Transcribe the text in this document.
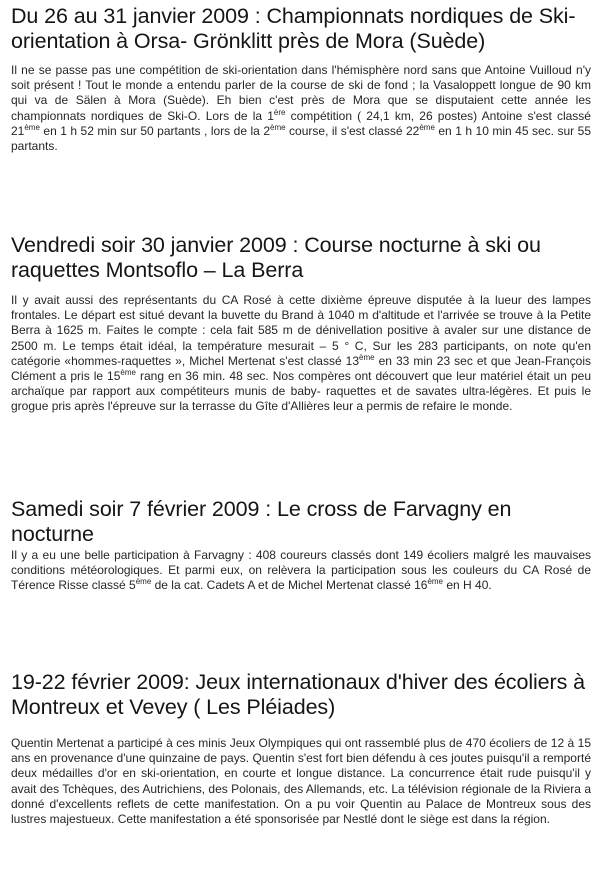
Du 26 au 31 janvier 2009 : Championnats nordiques de Ski-orientation à Orsa- Grönklitt près de Mora (Suède)

Il ne se passe pas une compétition de ski-orientation dans l'hémisphère nord sans que Antoine Vuilloud n'y soit présent ! Tout le monde a entendu parler de la course de ski de fond ; la Vasaloppett longue de 90 km qui va de Sälen à Mora (Suède). Eh bien c'est près de Mora que se disputaient cette année les championnats nordiques de Ski-O. Lors de la 1ère compétition ( 24,1 km, 26 postes) Antoine s'est classé 21ème en 1 h 52 min sur 50 partants , lors de la 2ème course, il s'est classé 22ème en 1 h 10 min 45 sec. sur 55 partants.

Vendredi soir 30 janvier 2009 : Course nocturne à ski ou raquettes Montsoflo – La Berra

Il y avait aussi des représentants du CA Rosé à cette dixième épreuve disputée à la lueur des lampes frontales. Le départ est situé devant la buvette du Brand à 1040 m d'altitude et l'arrivée se trouve à la Petite Berra à 1625 m. Faites le compte : cela fait 585 m de dénivellation positive à avaler sur une distance de 2500 m. Le temps était idéal, la température mesurait – 5 ° C, Sur les 283 participants, on note qu'en catégorie «hommes-raquettes », Michel Mertenat s'est classé 13ème en 33 min 23 sec et que Jean-François Clément a pris le 15ème rang en 36 min. 48 sec. Nos compères ont découvert que leur matériel était un peu archaïque par rapport aux compétiteurs munis de baby- raquettes et de savates ultra-légères. Et puis le grogue pris après l'épreuve sur la terrasse du Gîte d'Allières leur a permis de refaire le monde.

Samedi soir 7 février 2009 : Le cross de Farvagny en nocturne

Il y a eu une belle participation à Farvagny : 408 coureurs classés dont 149 écoliers malgré les mauvaises conditions météorologiques. Et parmi eux, on relèvera la participation sous les couleurs du CA Rosé de Térence Risse classé 5ème de la cat. Cadets A et de Michel Mertenat classé 16ème en H 40.

19-22 février 2009: Jeux internationaux d'hiver des écoliers à Montreux et Vevey ( Les Pléiades)

Quentin Mertenat a participé à ces minis Jeux Olympiques qui ont rassemblé plus de 470 écoliers de 12 à 15 ans en provenance d'une quinzaine de pays. Quentin s'est fort bien défendu à ces joutes puisqu'il a remporté deux médailles d'or en ski-orientation, en courte et longue distance. La concurrence était rude puisqu'il y avait des Tchèques, des Autrichiens, des Polonais, des Allemands, etc. La télévision régionale de la Riviera a donné d'excellents reflets de cette manifestation. On a pu voir Quentin au Palace de Montreux sous des lustres majestueux. Cette manifestation a été sponsorisée par Nestlé dont le siège est dans la région.
